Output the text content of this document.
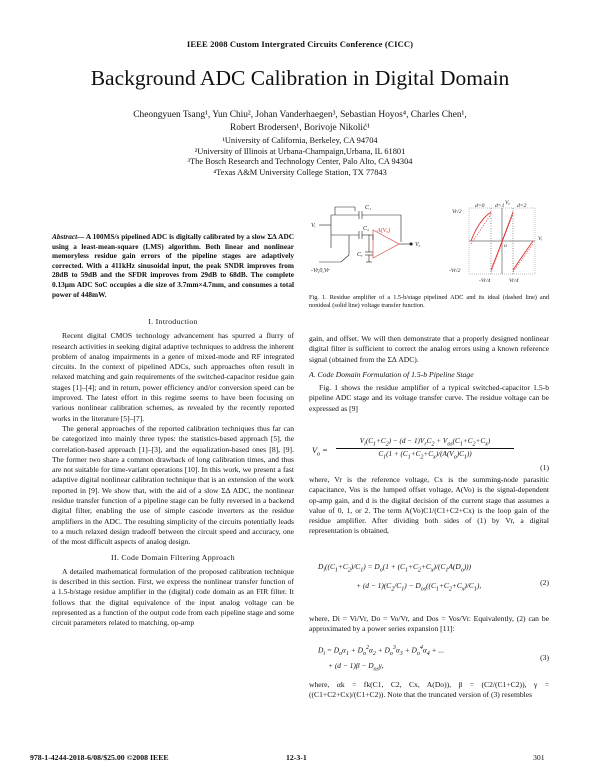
IEEE 2008 Custom Intergrated Circuits Conference (CICC)
Background ADC Calibration in Digital Domain
Cheongyuen Tsang¹, Yun Chiu², Johan Vanderhaegen³, Sebastian Hoyos⁴, Charles Chen¹,
Robert Brodersen¹, Borivoje Nikolić¹
¹University of California, Berkeley, CA 94704
²University of Illinois at Urbana-Champaign,Urbana, IL 61801
³The Bosch Research and Technology Center, Palo Alto, CA 94304
⁴Texas A&M University College Station, TX 77843
Abstract— A 100MS/s pipelined ADC is digitally calibrated by a slow ΣΔ ADC using a least-mean-square (LMS) algorithm. Both linear and nonlinear memoryless residue gain errors of the pipeline stages are adaptively corrected. With a 411kHz sinusoidal input, the peak SNDR improves from 28dB to 59dB and the SFDR improves from 29dB to 68dB. The complete 0.13μm ADC SoC occupies a die size of 3.7mm×4.7mm, and consumes a total power of 448mW.
I. Introduction

Recent digital CMOS technology advancement has spurred a flurry of research activities in seeking digital adaptive techniques to address the inherent problem of analog impairments in a genre of mixed-mode and RF integrated circuits. In the context of pipelined ADCs, such approaches often result in relaxed matching and gain requirements of the switched-capacitor residue gain stages [1]–[4]; and in return, power efficiency and/or conversion speed can be improved. The latest effort in this regime seems to have been focusing on various nonlinear calibration schemes, as revealed by the recently reported works in the literature [5]–[7].

The general approaches of the reported calibration techniques thus far can be categorized into mainly three types: the statistics-based approach [5], the correlation-based approach [1]–[3], and the equalization-based ones [8], [9]. The former two share a common drawback of long calibration times, and thus are not suitable for time-variant operations [10]. In this work, we present a fast adaptive digital nonlinear calibration technique that is an extension of the work reported in [9]. We show that, with the aid of a slow ΣΔ ADC, the nonlinear residue transfer function of a pipeline stage can be fully reversed in a backend digital filter, enabling the use of simple cascode inverters as the residue amplifiers in the ADC. The resulting simplicity of the circuits potentially leads to a much relaxed design tradeoff between the circuit speed and accuracy, one of the most difficult aspects of analog design.

II. Code Domain Filtering Approach

A detailed mathematical formulation of the proposed calibration technique is described in this section. First, we express the nonlinear transfer function of a 1.5-b/stage residue amplifier in the (digital) code domain as an FIR filter. It follows that the digital equivalence of the input analog voltage can be represented as a function of the output code from each pipeline stage and some circuit parameters related to matching, op-amp

Vᵢ
C₁
C₂
Cₓ
A(Vₒ)
Vₒ
-Vr,0,Vr
d=0 d=1 d=2
Vr/2
-Vr/2
-Vr/4	Vr/4
Vₒ
Vᵢ
o
Fig. 1. Residue amplifier of a 1.5-b/stage pipelined ADC and its ideal (dashed line) and nonideal (solid line) voltage transfer function.

gain, and offset. We will then demonstrate that a properly designed nonlinear digital filter is sufficient to correct the analog errors using a known reference signal (obtained from the ΣΔ ADC).

A. Code Domain Formulation of 1.5-b Pipeline Stage

Fig. 1 shows the residue amplifier of a typical switched-capacitor 1.5-b pipeline ADC stage and its voltage transfer curve. The residue voltage can be expressed as [9]

$V_o$ =
$V_i(C_1+C_2) - (d - 1)V_rC_2 + V_{os}(C_1+C_2+C_x)$
$C_1(1 + (C_1+C_2+C_x)/(A(V_o)C_1))$
(1)
where, Vr is the reference voltage, Cx is the summing-node parasitic capacitance, Vos is the lumped offset voltage, A(Vo) is the signal-dependent op-amp gain, and d is the digital decision of the current stage that assumes a value of 0, 1, or 2. The term A(Vo)C1/(C1+C2+Cx) is the loop gain of the residue amplifier. After dividing both sides of (1) by Vr, a digital representation is obtained,
$D_i((C_1+C_2)/C_1) = D_o(1 + (C_1+C_2+C_x)/(C_1A(D_o)))$
+ $(d - 1)(C_2/C_1) - D_{os}((C_1+C_2+C_x)/C_1)$,	(2)
where, Di = Vi/Vr, Do = Vo/Vr, and Dos = Vos/Vr. Equivalently, (2) can be approximated by a power series expansion [11]:
$D_i = D_o\alpha_1 + D_o^2\alpha_2 + D_o^3\alpha_3 + D_o^4\alpha_4$ + ...
+ $(d - 1)\beta - D_{os}\gamma$,
(3)
where, αk = fk(C1, C2, Cx, A(Do)), β = (C2/(C1+C2)), γ = ((C1+C2+Cx)/(C1+C2)). Note that the truncated version of (3) resembles
978-1-4244-2018-6/08/$25.00 ©2008 IEEE	12-3-1	301
